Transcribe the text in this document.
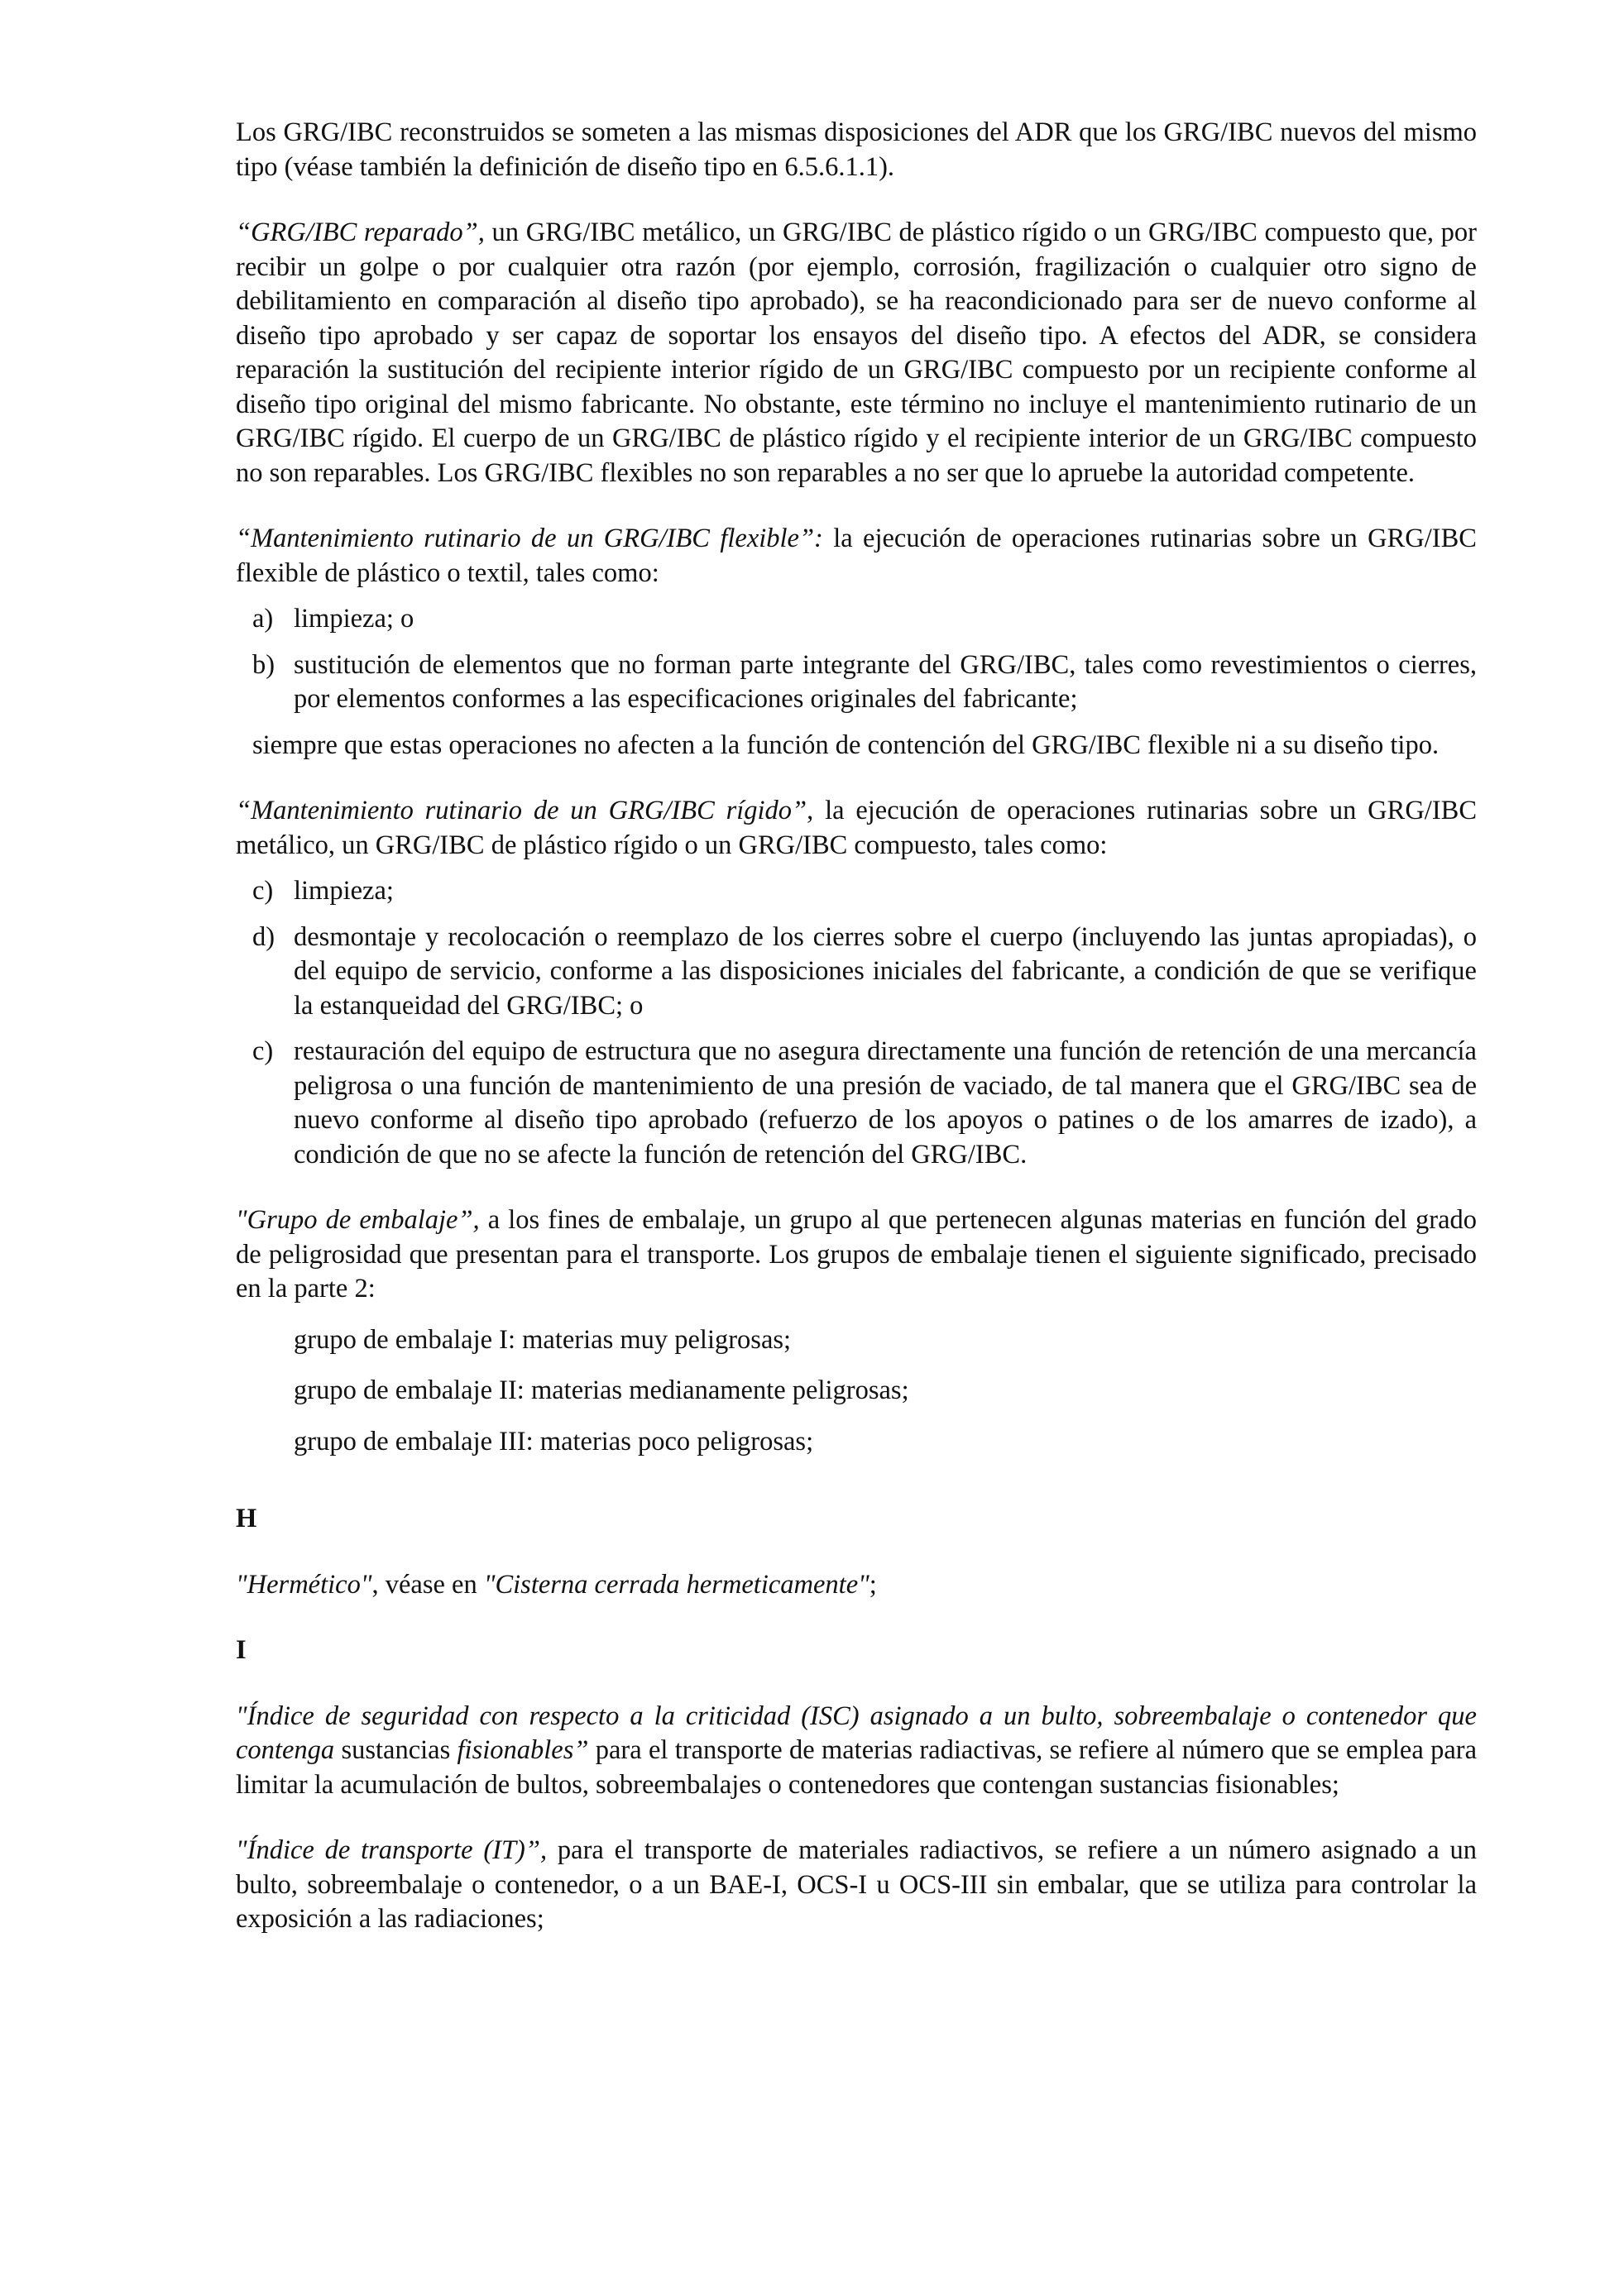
Los GRG/IBC reconstruidos se someten a las mismas disposiciones del ADR que los GRG/IBC nuevos del mismo tipo (véase también la definición de diseño tipo en 6.5.6.1.1).

“GRG/IBC reparado”, un GRG/IBC metálico, un GRG/IBC de plástico rígido o un GRG/IBC compuesto que, por recibir un golpe o por cualquier otra razón (por ejemplo, corrosión, fragilización o cualquier otro signo de debilitamiento en comparación al diseño tipo aprobado), se ha reacondicionado para ser de nuevo conforme al diseño tipo aprobado y ser capaz de soportar los ensayos del diseño tipo. A efectos del ADR, se considera reparación la sustitución del recipiente interior rígido de un GRG/IBC compuesto por un recipiente conforme al diseño tipo original del mismo fabricante. No obstante, este término no incluye el mantenimiento rutinario de un GRG/IBC rígido. El cuerpo de un GRG/IBC de plástico rígido y el recipiente interior de un GRG/IBC compuesto no son reparables. Los GRG/IBC flexibles no son reparables a no ser que lo apruebe la autoridad competente.

“Mantenimiento rutinario de un GRG/IBC flexible”: la ejecución de operaciones rutinarias sobre un GRG/IBC flexible de plástico o textil, tales como:

a) limpieza; o
b) sustitución de elementos que no forman parte integrante del GRG/IBC, tales como revestimientos o cierres, por elementos conformes a las especificaciones originales del fabricante;

siempre que estas operaciones no afecten a la función de contención del GRG/IBC flexible ni a su diseño tipo.

“Mantenimiento rutinario de un GRG/IBC rígido”, la ejecución de operaciones rutinarias sobre un GRG/IBC metálico, un GRG/IBC de plástico rígido o un GRG/IBC compuesto, tales como:

c) limpieza;
d) desmontaje y recolocación o reemplazo de los cierres sobre el cuerpo (incluyendo las juntas apropiadas), o del equipo de servicio, conforme a las disposiciones iniciales del fabricante, a condición de que se verifique la estanqueidad del GRG/IBC; o
c) restauración del equipo de estructura que no asegura directamente una función de retención de una mercancía peligrosa o una función de mantenimiento de una presión de vaciado, de tal manera que el GRG/IBC sea de nuevo conforme al diseño tipo aprobado (refuerzo de los apoyos o patines o de los amarres de izado), a condición de que no se afecte la función de retención del GRG/IBC.

"Grupo de embalaje”, a los fines de embalaje, un grupo al que pertenecen algunas materias en función del grado de peligrosidad que presentan para el transporte. Los grupos de embalaje tienen el siguiente significado, precisado en la parte 2:

grupo de embalaje I: materias muy peligrosas;

grupo de embalaje II: materias medianamente peligrosas;

grupo de embalaje III: materias poco peligrosas;

H

"Hermético", véase en "Cisterna cerrada hermeticamente";

I

"Índice de seguridad con respecto a la criticidad (ISC) asignado a un bulto, sobreembalaje o contenedor que contenga sustancias fisionables” para el transporte de materias radiactivas, se refiere al número que se emplea para limitar la acumulación de bultos, sobreembalajes o contenedores que contengan sustancias fisionables;

"Índice de transporte (IT)”, para el transporte de materiales radiactivos, se refiere a un número asignado a un bulto, sobreembalaje o contenedor, o a un BAE-I, OCS-I u OCS-III sin embalar, que se utiliza para controlar la exposición a las radiaciones;
